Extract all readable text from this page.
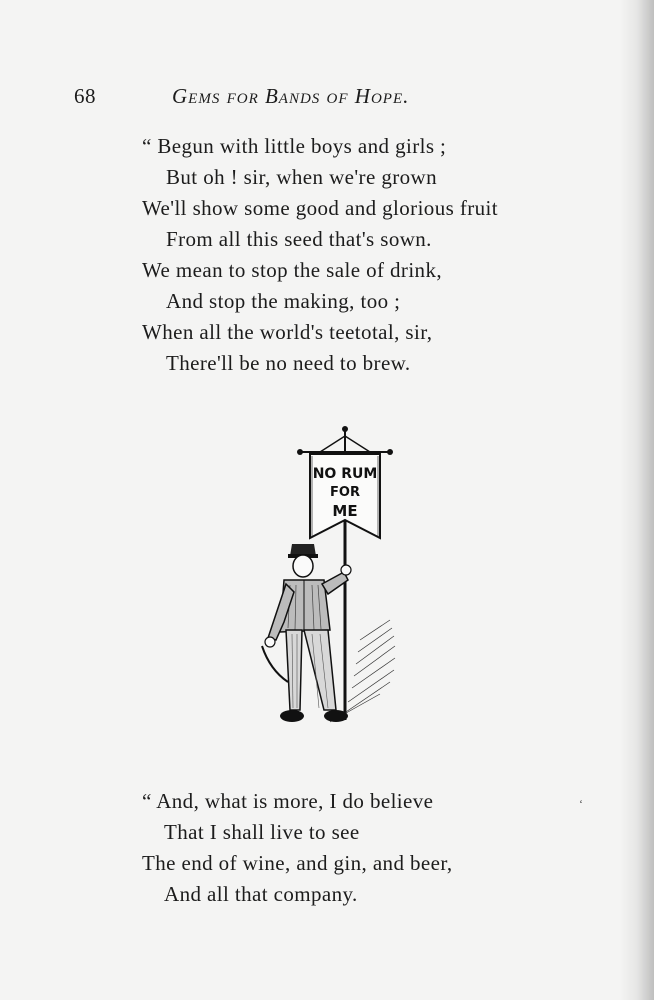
68	Gems for Bands of Hope.
“ Begun with little boys and girls ;
But oh ! sir, when we're grown
We'll show some good and glorious fruit
From all this seed that's sown.
We mean to stop the sale of drink,
And stop the making, too ;
When all the world's teetotal, sir,
There'll be no need to brew.
NO RUM
FOR
ME
“ And, what is more, I do believe
That I shall live to see
The end of wine, and gin, and beer,
And all that company.
‘
